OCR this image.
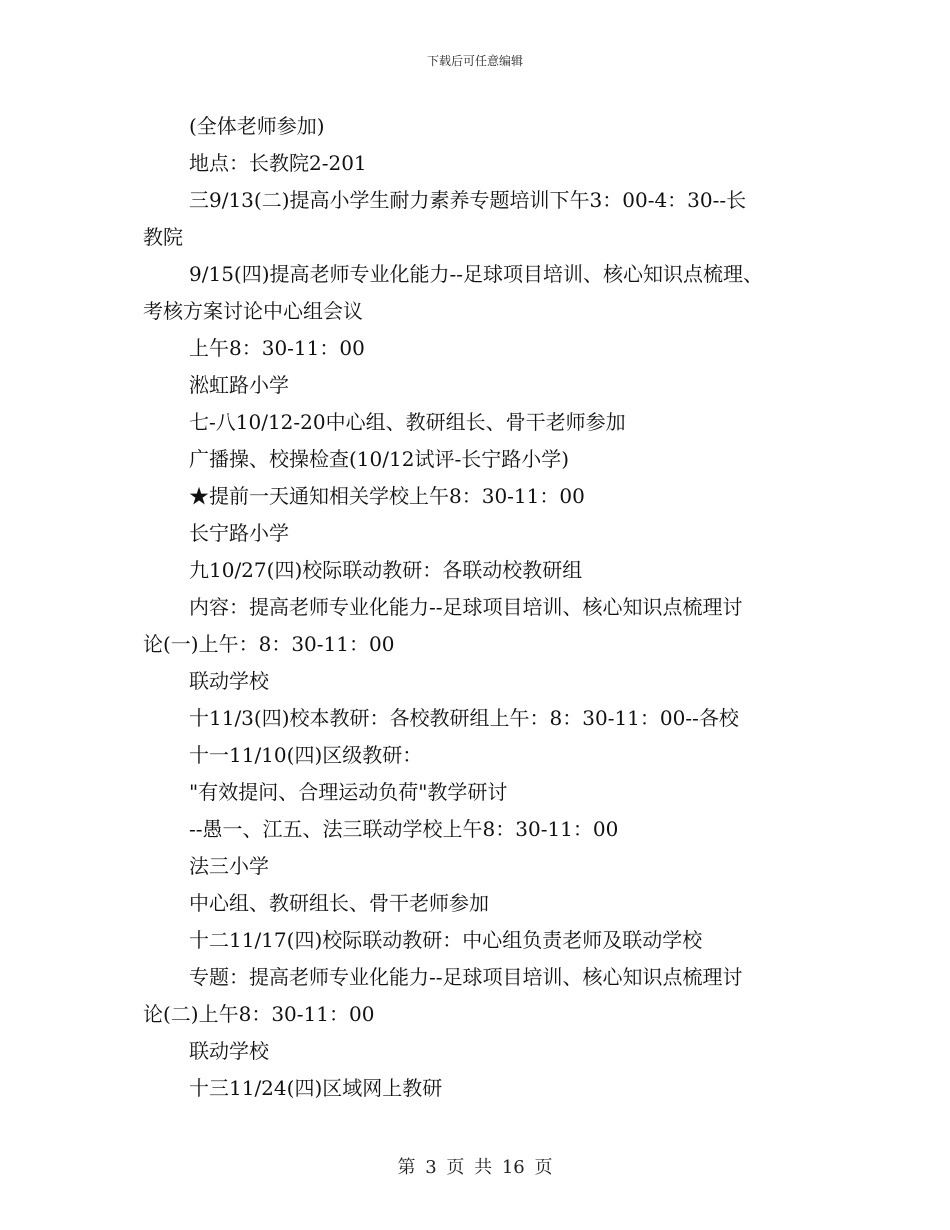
下载后可任意编辑
(全体老师参加)
地点：长教院2-201
三9/13(二)提高小学生耐力素养专题培训下午3：00-4：30--长
教院
9/15(四)提高老师专业化能力--足球项目培训、核心知识点梳理、
考核方案讨论中心组会议
上午8：30-11：00
淞虹路小学
七-八10/12-20中心组、教研组长、骨干老师参加
广播操、校操检查(10/12试评-长宁路小学)
★提前一天通知相关学校上午8：30-11：00
长宁路小学
九10/27(四)校际联动教研：各联动校教研组
内容：提高老师专业化能力--足球项目培训、核心知识点梳理讨
论(一)上午：8：30-11：00
联动学校
十11/3(四)校本教研：各校教研组上午：8：30-11：00--各校
十一11/10(四)区级教研：
"有效提问、合理运动负荷"教学研讨
--愚一、江五、法三联动学校上午8：30-11：00
法三小学
中心组、教研组长、骨干老师参加
十二11/17(四)校际联动教研：中心组负责老师及联动学校
专题：提高老师专业化能力--足球项目培训、核心知识点梳理讨
论(二)上午8：30-11：00
联动学校
十三11/24(四)区域网上教研
第 3 页 共 16 页
